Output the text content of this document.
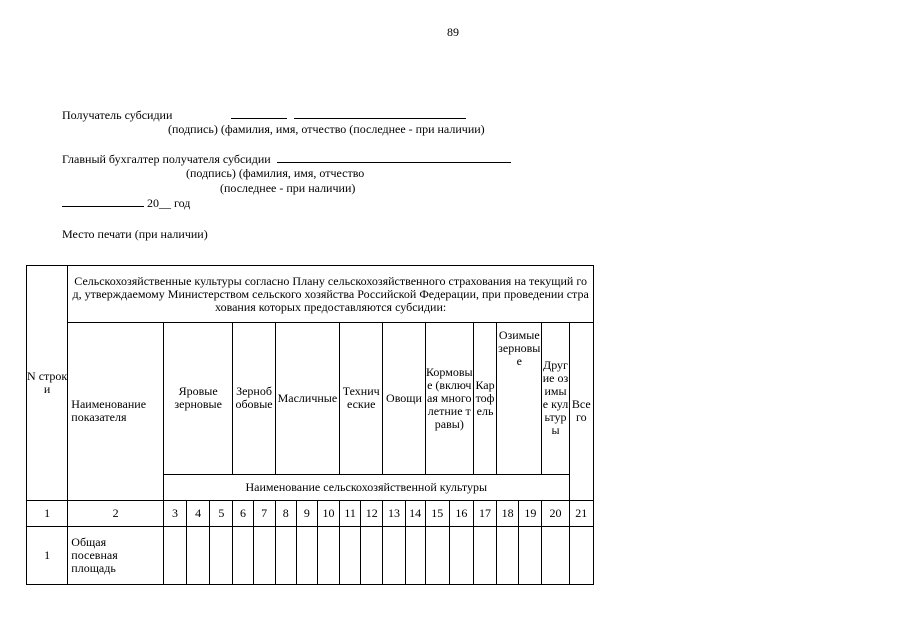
89
Получатель субсидии
(подпись) (фамилия, имя, отчество (последнее - при наличии)
Главный бухгалтер получателя субсидии
(подпись) (фамилия, имя, отчество
(последнее - при наличии)
20__ год
Место печати (при наличии)
N строки	Сельскохозяйственные культуры согласно Плану сельскохозяйственного страхования на текущий год, утверждаемому Министерством сельского хозяйства Российской Федерации, при проведении страхования которых предоставляются субсидии:																			
	Наименование показателя	Яровые зерновые			Зернобобовые		Масличные			Технические		Овощи		Кормовые (включая многолетние травы)		Картофель	Озимые зерновые		Другие озимые культуры	Всего
		Наименование сельскохозяйственной культуры																		
1	2	3	4	5	6	7	8	9	10	11	12	13	14	15	16	17	18	19	20	21
1	Общая посевная площадь																			
